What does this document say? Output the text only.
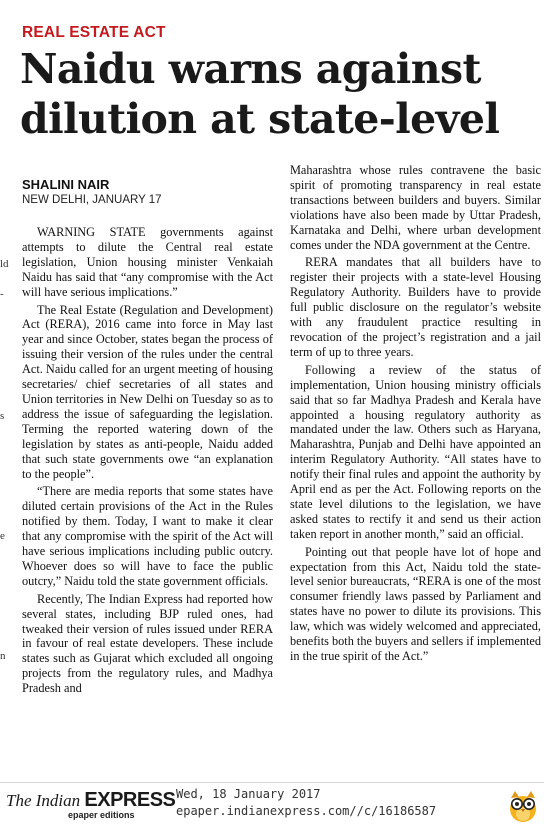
ld
-
s
e
n
REAL ESTATE ACT
Naidu warns against dilution at state-level
SHALINI NAIR
NEW DELHI, JANUARY 17

WARNING STATE governments against attempts to dilute the Central real estate legislation, Union housing minister Venkaiah Naidu has said that “any compromise with the Act will have serious implications.”

The Real Estate (Regulation and Development) Act (RERA), 2016 came into force in May last year and since October, states began the process of issuing their version of the rules under the central Act. Naidu called for an urgent meeting of housing secretaries/ chief secretaries of all states and Union territories in New Delhi on Tuesday so as to address the issue of safeguarding the legislation. Terming the reported watering down of the legislation by states as anti-people, Naidu added that such state governments owe “an explanation to the people”.

“There are media reports that some states have diluted certain provisions of the Act in the Rules notified by them. Today, I want to make it clear that any compromise with the spirit of the Act will have serious implications including public outcry. Whoever does so will have to face the public outcry,” Naidu told the state government officials.

Recently, The Indian Express had reported how several states, including BJP ruled ones, had tweaked their version of rules issued under RERA in favour of real estate developers. These include states such as Gujarat which excluded all ongoing projects from the regulatory rules, and Madhya Pradesh and

Maharashtra whose rules contravene the basic spirit of promoting transparency in real estate transactions between builders and buyers. Similar violations have also been made by Uttar Pradesh, Karnataka and Delhi, where urban development comes under the NDA government at the Centre.

RERA mandates that all builders have to register their projects with a state-level Housing Regulatory Authority. Builders have to provide full public disclosure on the regulator’s website with any fraudulent practice resulting in revocation of the project’s registration and a jail term of up to three years.

Following a review of the status of implementation, Union housing ministry officials said that so far Madhya Pradesh and Kerala have appointed a housing regulatory authority as mandated under the law. Others such as Haryana, Maharashtra, Punjab and Delhi have appointed an interim Regulatory Authority. “All states have to notify their final rules and appoint the authority by April end as per the Act. Following reports on the state level dilutions to the legislation, we have asked states to rectify it and send us their action taken report in another month,” said an official.

Pointing out that people have lot of hope and expectation from this Act, Naidu told the state-level senior bureaucrats, “RERA is one of the most consumer friendly laws passed by Parliament and states have no power to dilute its provisions. This law, which was widely welcomed and appreciated, benefits both the buyers and sellers if implemented in the true spirit of the Act.”

The Indian EXPRESS
epaper editions
Wed, 18 January 2017
epaper.indianexpress.com//c/16186587
